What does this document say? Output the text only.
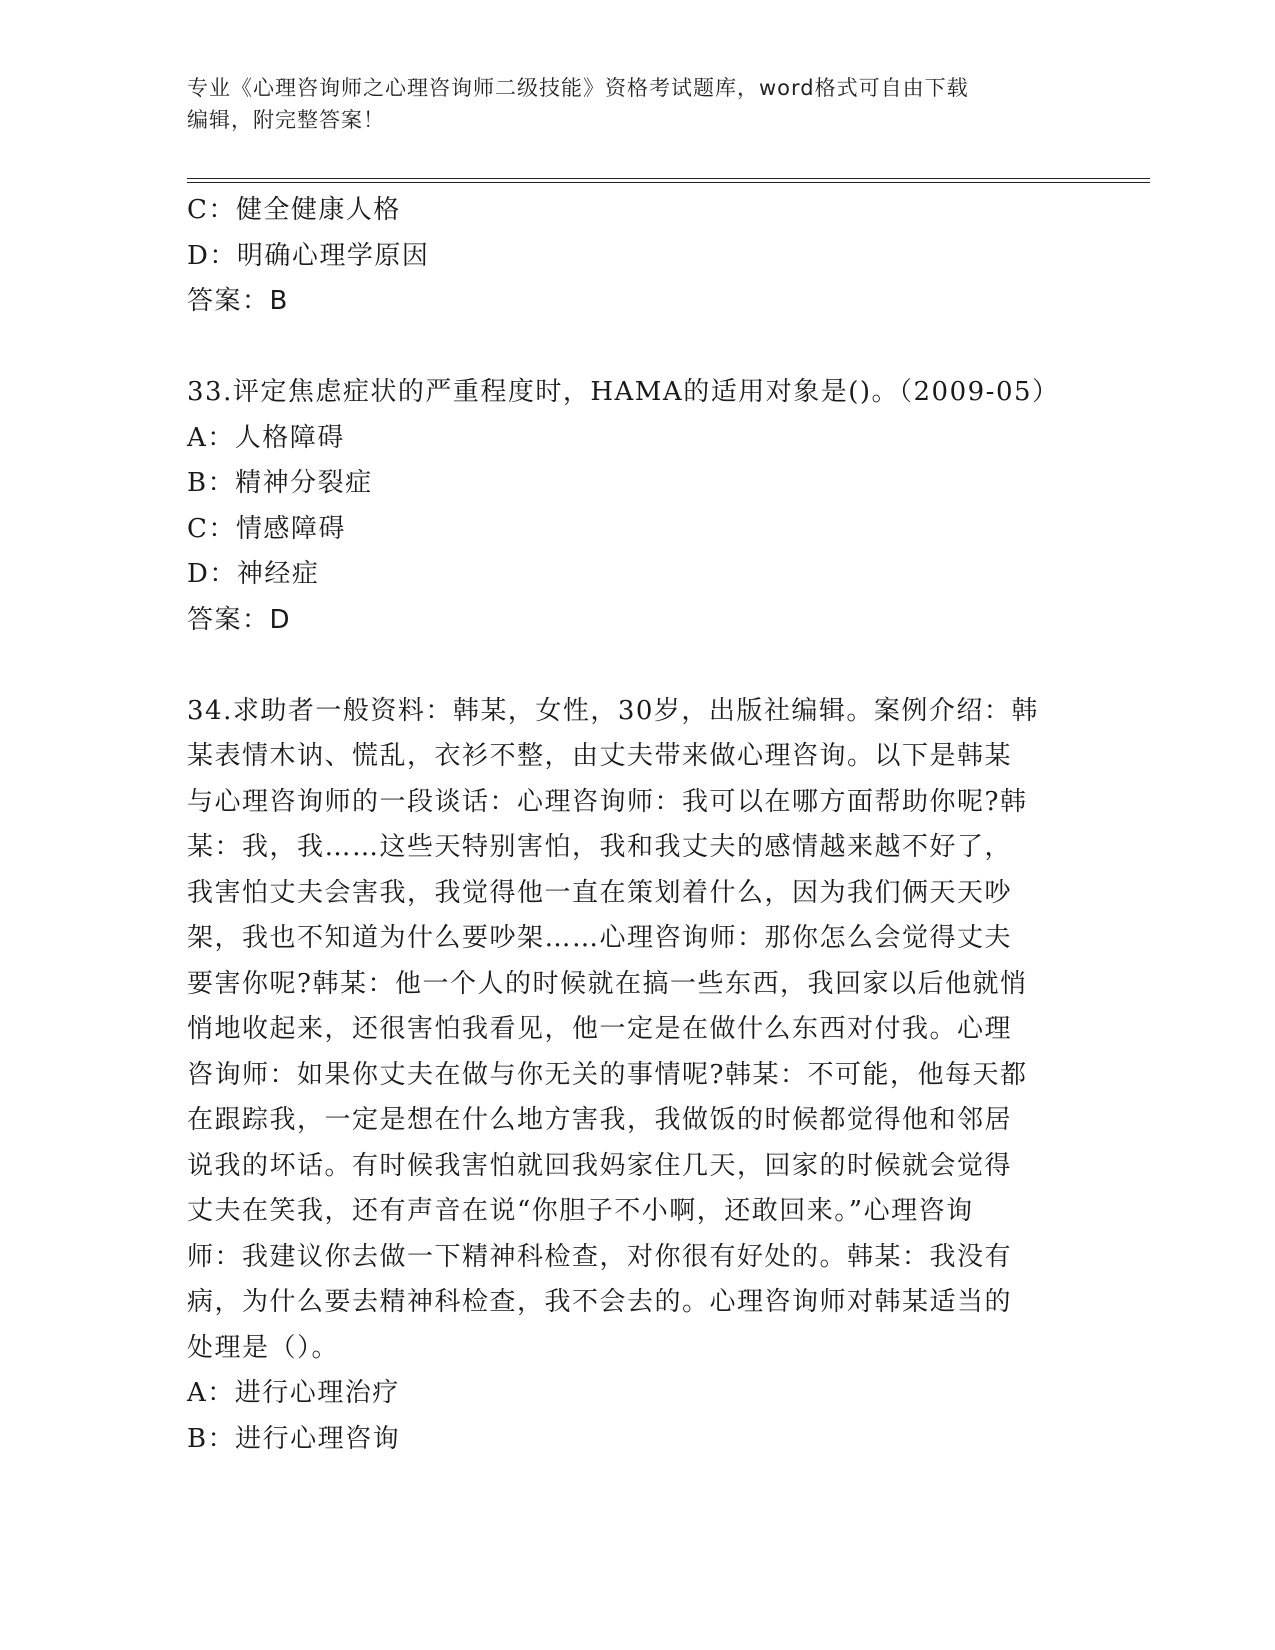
专业《心理咨询师之心理咨询师二级技能》资格考试题库，word格式可自由下载
编辑，附完整答案！
C：健全健康人格
D：明确心理学原因
答案：B
33.评定焦虑症状的严重程度时，HAMA的适用对象是()。（2009-05）
A：人格障碍
B：精神分裂症
C：情感障碍
D：神经症
答案：D
34.求助者一般资料：韩某，女性，30岁，出版社编辑。案例介绍：韩
某表情木讷、慌乱，衣衫不整，由丈夫带来做心理咨询。以下是韩某
与心理咨询师的一段谈话：心理咨询师：我可以在哪方面帮助你呢?韩
某：我，我……这些天特别害怕，我和我丈夫的感情越来越不好了，
我害怕丈夫会害我，我觉得他一直在策划着什么，因为我们俩天天吵
架，我也不知道为什么要吵架……心理咨询师：那你怎么会觉得丈夫
要害你呢?韩某：他一个人的时候就在搞一些东西，我回家以后他就悄
悄地收起来，还很害怕我看见，他一定是在做什么东西对付我。心理
咨询师：如果你丈夫在做与你无关的事情呢?韩某：不可能，他每天都
在跟踪我，一定是想在什么地方害我，我做饭的时候都觉得他和邻居
说我的坏话。有时候我害怕就回我妈家住几天，回家的时候就会觉得
丈夫在笑我，还有声音在说“你胆子不小啊，还敢回来。”心理咨询
师：我建议你去做一下精神科检查，对你很有好处的。韩某：我没有
病，为什么要去精神科检查，我不会去的。心理咨询师对韩某适当的
处理是（）。
A：进行心理治疗
B：进行心理咨询
